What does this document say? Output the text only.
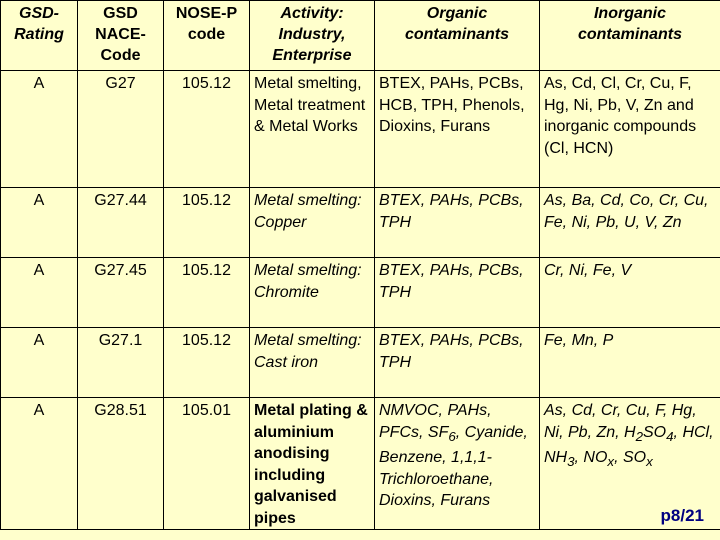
GSD-Rating	GSD NACE-Code	NOSE-P code	Activity: Industry, Enterprise	Organic contaminants	Inorganic contaminants
A	G27	105.12	Metal smelting, Metal treatment & Metal Works	BTEX, PAHs, PCBs, HCB, TPH, Phenols, Dioxins, Furans	As, Cd, Cl, Cr, Cu, F, Hg, Ni, Pb, V, Zn and inorganic compounds (Cl, HCN)
A	G27.44	105.12	Metal smelting: Copper	BTEX, PAHs, PCBs, TPH	As, Ba, Cd, Co, Cr, Cu, Fe, Ni, Pb, U, V, Zn
A	G27.45	105.12	Metal smelting: Chromite	BTEX, PAHs, PCBs, TPH	Cr, Ni, Fe, V
A	G27.1	105.12	Metal smelting: Cast iron	BTEX, PAHs, PCBs, TPH	Fe, Mn, P
A	G28.51	105.01	Metal plating & aluminium anodising including galvanised pipes	NMVOC, PAHs, PFCs, $SF_6$, Cyanide, Benzene, 1,1,1-Trichloroethane, Dioxins, Furans	As, Cd, Cr, Cu, F, Hg, Ni, Pb, Zn, $H_2SO_4$, HCl, $NH_3$, $NO_x$, $SO_x$
p8/21
